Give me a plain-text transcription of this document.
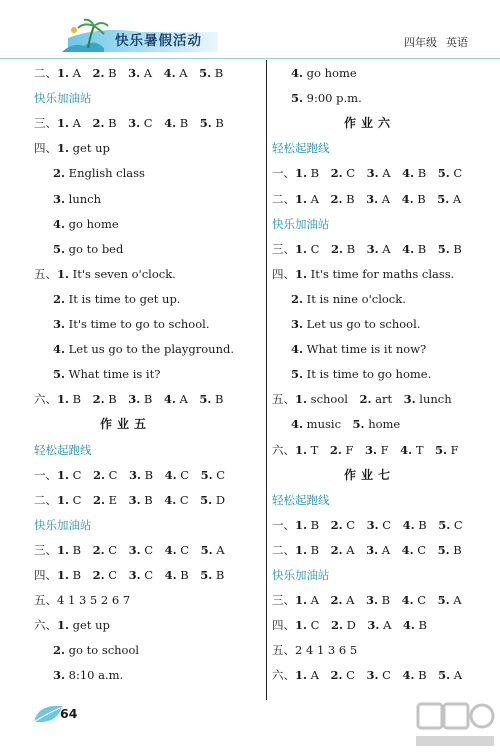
快乐暑假活动	四年级 英语
二、1. A  2. B  3. A  4. A  5. B
快乐加油站
三、1. A  2. B  3. C  4. B  5. B
四、1. get up
2. English class
3. lunch
4. go home
5. go to bed
五、1. It's seven o'clock.
2. It is time to get up.
3. It's time to go to school.
4. Let us go to the playground.
5. What time is it?
六、1. B  2. B  3. B  4. A  5. B
作业五
轻松起跑线
一、1. C  2. C  3. B  4. C  5. C
二、1. C  2. E  3. B  4. C  5. D
快乐加油站
三、1. B  2. C  3. C  4. C  5. A
四、1. B  2. C  3. C  4. B  5. B
五、4 1 3 5 2 6 7
六、1. get up
2. go to school
3. 8:10 a.m.
4. go home
5. 9:00 p.m.
作业六
轻松起跑线
一、1. B  2. C  3. A  4. B  5. C
二、1. A  2. B  3. A  4. B  5. A
快乐加油站
三、1. C  2. B  3. A  4. B  5. B
四、1. It's time for maths class.
2. It is nine o'clock.
3. Let us go to school.
4. What time is it now?
5. It is time to go home.
五、1. school  2. art  3. lunch
4. music  5. home
六、1. T  2. F  3. F  4. T  5. F
作业七
轻松起跑线
一、1. B  2. C  3. C  4. B  5. C
二、1. B  2. A  3. A  4. C  5. B
快乐加油站
三、1. A  2. A  3. B  4. C  5. A
四、1. C  2. D  3. A  4. B
五、2 4 1 3 6 5
六、1. A  2. C  3. C  4. B  5. A
64
